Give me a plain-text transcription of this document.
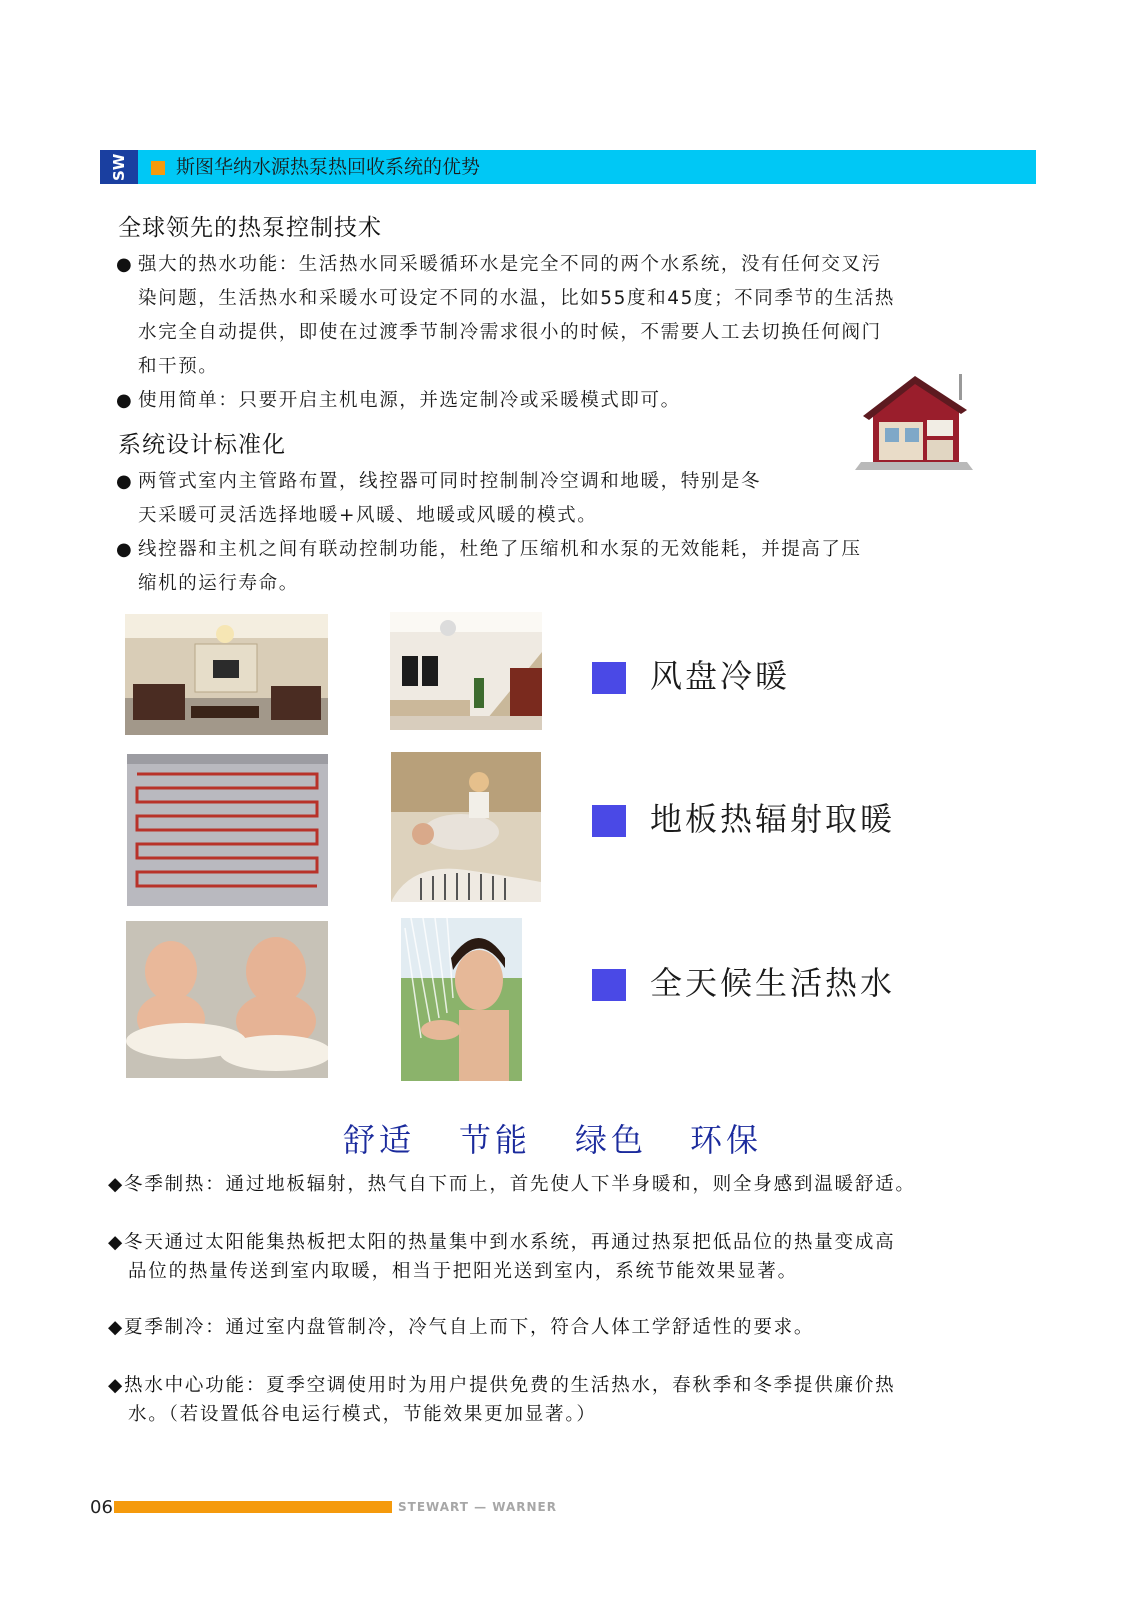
SW	斯图华纳水源热泵热回收系统的优势
全球领先的热泵控制技术
● 强大的热水功能：生活热水同采暖循环水是完全不同的两个水系统，没有任何交叉污
染问题，生活热水和采暖水可设定不同的水温，比如55度和45度；不同季节的生活热
水完全自动提供，即使在过渡季节制冷需求很小的时候，不需要人工去切换任何阀门
和干预。
● 使用简单：只要开启主机电源，并选定制冷或采暖模式即可。
系统设计标准化
● 两管式室内主管路布置，线控器可同时控制制冷空调和地暖，特别是冬
天采暖可灵活选择地暖+风暖、地暖或风暖的模式。
● 线控器和主机之间有联动控制功能，杜绝了压缩机和水泵的无效能耗，并提高了压
缩机的运行寿命。
风盘冷暖
地板热辐射取暖
全天候生活热水
舒适 节能 绿色 环保
◆冬季制热：通过地板辐射，热气自下而上，首先使人下半身暖和，则全身感到温暖舒适。
◆冬天通过太阳能集热板把太阳的热量集中到水系统，再通过热泵把低品位的热量变成高
品位的热量传送到室内取暖，相当于把阳光送到室内，系统节能效果显著。
◆夏季制冷：通过室内盘管制冷，冷气自上而下，符合人体工学舒适性的要求。
◆热水中心功能：夏季空调使用时为用户提供免费的生活热水，春秋季和冬季提供廉价热
水。（若设置低谷电运行模式，节能效果更加显著。）
06	STEWART — WARNER
